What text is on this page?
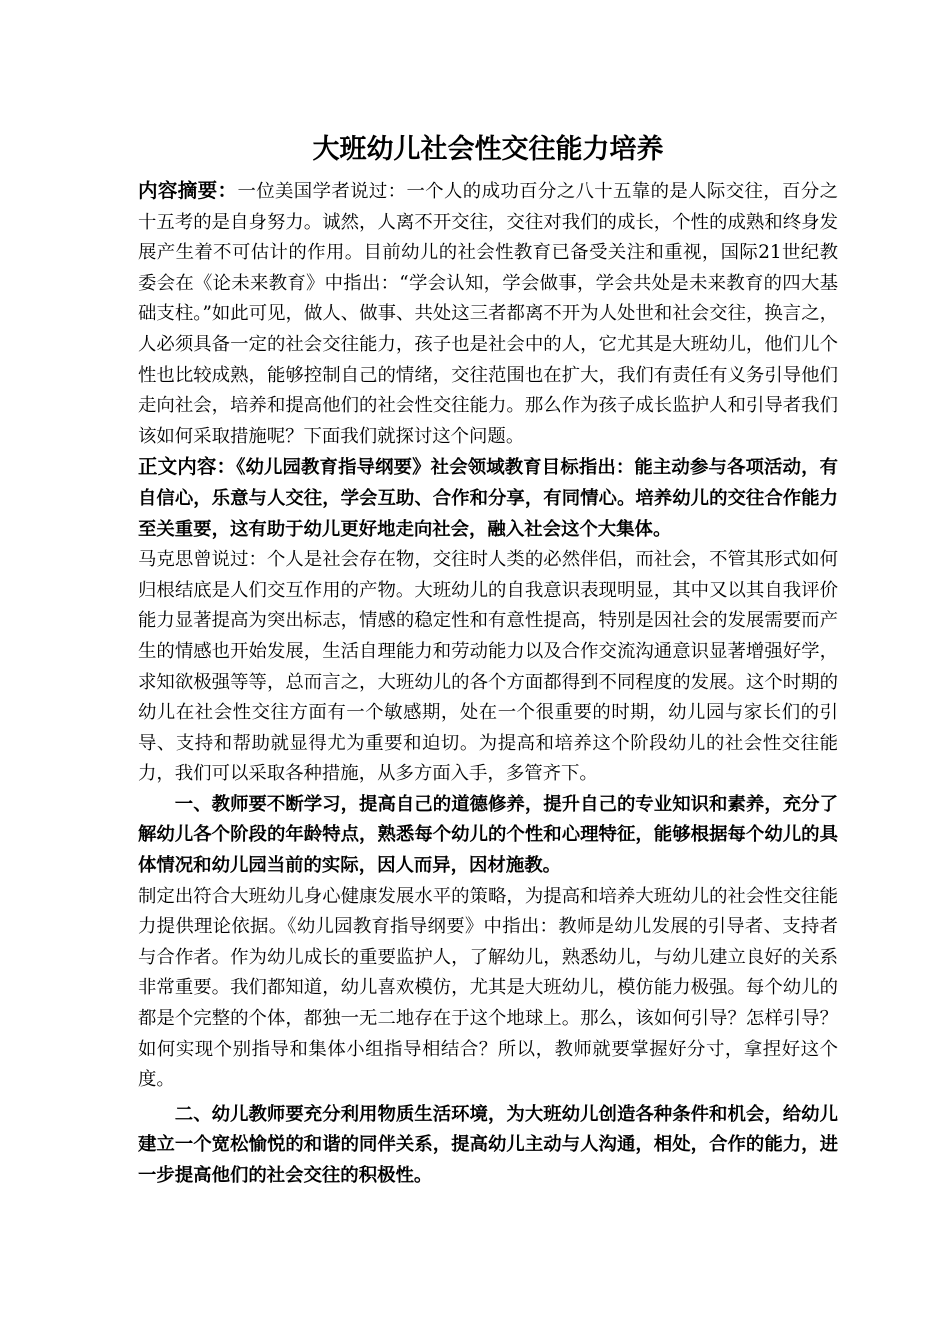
大班幼儿社会性交往能力培养

内容摘要：一位美国学者说过：一个人的成功百分之八十五靠的是人际交往，百分之十五考的是自身努力。诚然，人离不开交往，交往对我们的成长，个性的成熟和终身发展产生着不可估计的作用。目前幼儿的社会性教育已备受关注和重视，国际21世纪教委会在《论未来教育》中指出：“学会认知，学会做事，学会共处是未来教育的四大基础支柱。”如此可见，做人、做事、共处这三者都离不开为人处世和社会交往，换言之，人必须具备一定的社会交往能力，孩子也是社会中的人，它尤其是大班幼儿，他们儿个性也比较成熟，能够控制自己的情绪，交往范围也在扩大，我们有责任有义务引导他们走向社会，培养和提高他们的社会性交往能力。那么作为孩子成长监护人和引导者我们该如何采取措施呢？下面我们就探讨这个问题。

正文内容：《幼儿园教育指导纲要》社会领域教育目标指出：能主动参与各项活动，有自信心，乐意与人交往，学会互助、合作和分享，有同情心。培养幼儿的交往合作能力至关重要，这有助于幼儿更好地走向社会，融入社会这个大集体。

马克思曾说过：个人是社会存在物，交往时人类的必然伴侣，而社会，不管其形式如何归根结底是人们交互作用的产物。大班幼儿的自我意识表现明显，其中又以其自我评价能力显著提高为突出标志，情感的稳定性和有意性提高，特别是因社会的发展需要而产生的情感也开始发展，生活自理能力和劳动能力以及合作交流沟通意识显著增强好学，求知欲极强等等，总而言之，大班幼儿的各个方面都得到不同程度的发展。这个时期的幼儿在社会性交往方面有一个敏感期，处在一个很重要的时期，幼儿园与家长们的引导、支持和帮助就显得尤为重要和迫切。为提高和培养这个阶段幼儿的社会性交往能力，我们可以采取各种措施，从多方面入手，多管齐下。

一、教师要不断学习，提高自己的道德修养，提升自己的专业知识和素养，充分了解幼儿各个阶段的年龄特点，熟悉每个幼儿的个性和心理特征，能够根据每个幼儿的具体情况和幼儿园当前的实际，因人而异，因材施教。

制定出符合大班幼儿身心健康发展水平的策略，为提高和培养大班幼儿的社会性交往能力提供理论依据。《幼儿园教育指导纲要》中指出：教师是幼儿发展的引导者、支持者与合作者。作为幼儿成长的重要监护人，了解幼儿，熟悉幼儿，与幼儿建立良好的关系非常重要。我们都知道，幼儿喜欢模仿，尤其是大班幼儿，模仿能力极强。每个幼儿的都是个完整的个体，都独一无二地存在于这个地球上。那么，该如何引导？怎样引导？如何实现个别指导和集体小组指导相结合？所以，教师就要掌握好分寸，拿捏好这个度。

二、幼儿教师要充分利用物质生活环境，为大班幼儿创造各种条件和机会，给幼儿建立一个宽松愉悦的和谐的同伴关系，提高幼儿主动与人沟通，相处，合作的能力，进一步提高他们的社会交往的积极性。
